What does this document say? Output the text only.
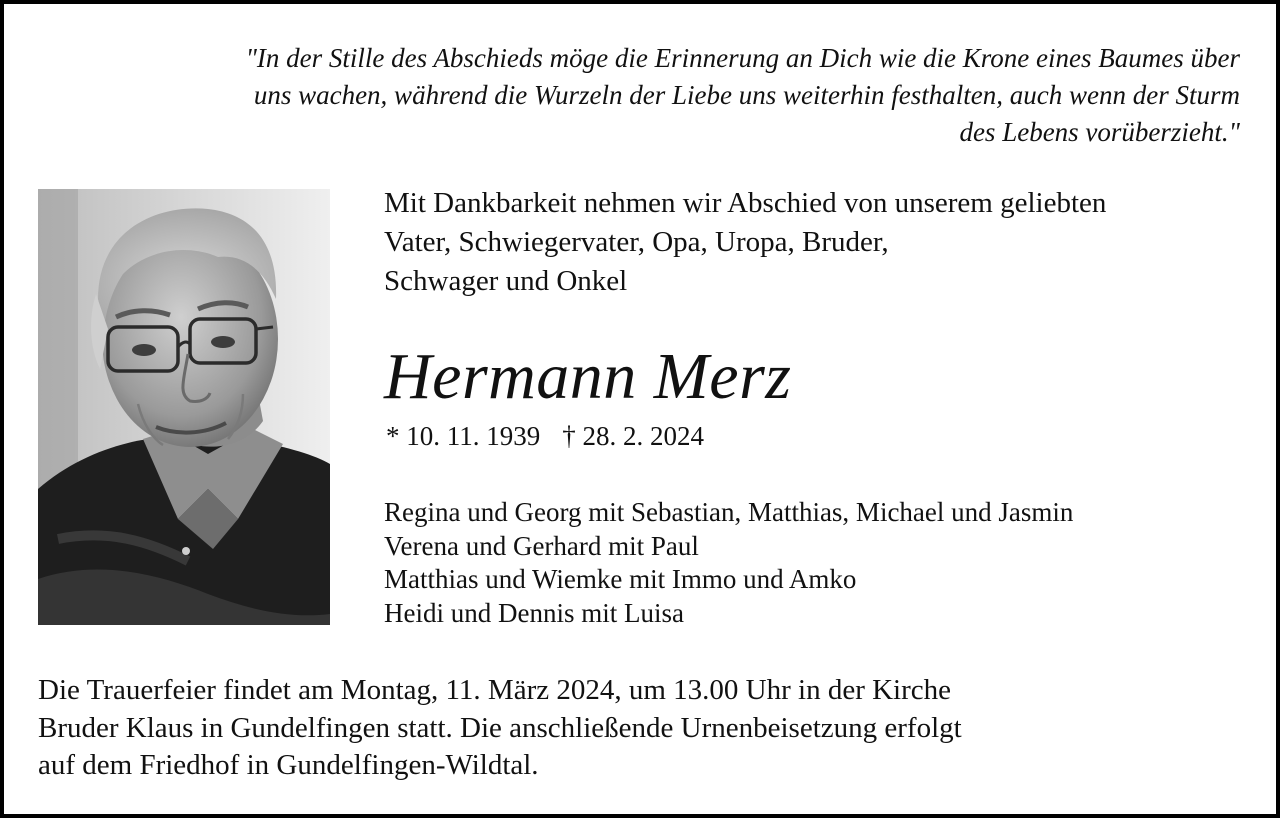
"In der Stille des Abschieds möge die Erinnerung an Dich wie die Krone eines Baumes über
uns wachen, während die Wurzeln der Liebe uns weiterhin festhalten, auch wenn der Sturm
des Lebens vorüberzieht."
Mit Dankbarkeit nehmen wir Abschied von unserem geliebten
Vater, Schwiegervater, Opa, Uropa, Bruder,
Schwager und Onkel
Hermann Merz
* 10. 11. 1939 † 28. 2. 2024
Regina und Georg mit Sebastian, Matthias, Michael und Jasmin
Verena und Gerhard mit Paul
Matthias und Wiemke mit Immo und Amko
Heidi und Dennis mit Luisa
Die Trauerfeier findet am Montag, 11. März 2024, um 13.00 Uhr in der Kirche
Bruder Klaus in Gundelfingen statt. Die anschließende Urnenbeisetzung erfolgt
auf dem Friedhof in Gundelfingen-Wildtal.
